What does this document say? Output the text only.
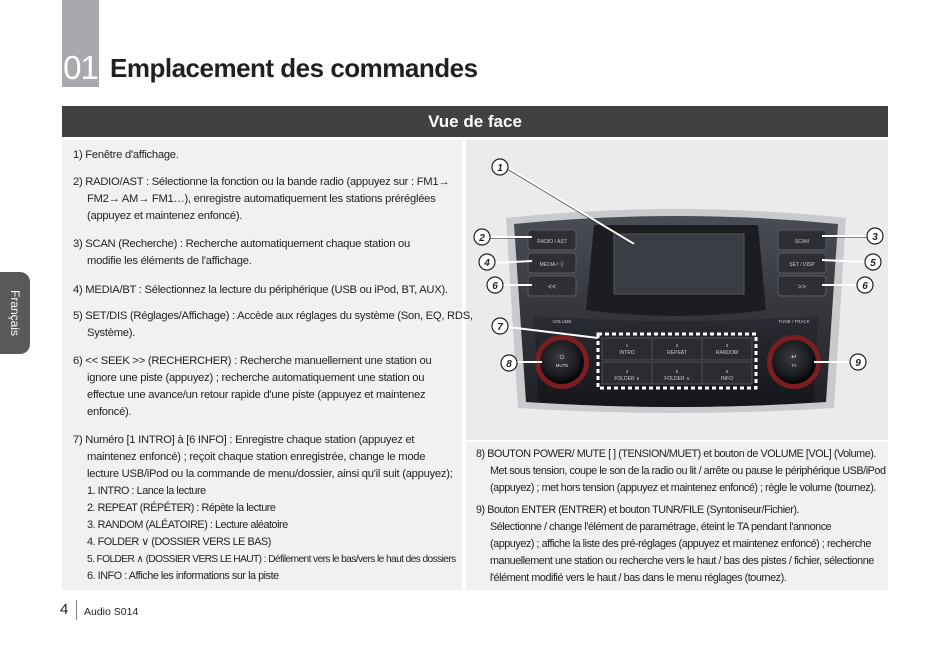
01 Emplacement des commandes
Français
Vue de face
1) Fenêtre d'affichage.
2) RADIO/AST : Sélectionne la fonction ou la bande radio (appuyez sur : FM1→
FM2→ AM→ FM1…), enregistre automatiquement les stations préréglées
(appuyez et maintenez enfoncé).
3) SCAN (Recherche) : Recherche automatiquement chaque station ou
modifie les éléments de l'affichage.
4) MEDIA/BT : Sélectionnez la lecture du périphérique (USB ou iPod, BT, AUX).
5) SET/DIS (Réglages/Affichage) : Accède aux réglages du système (Son, EQ, RDS,
Système).
6) << SEEK >> (RECHERCHER) : Recherche manuellement une station ou
ignore une piste (appuyez) ; recherche automatiquement une station ou
effectue une avance/un retour rapide d'une piste (appuyez et maintenez
enfoncé).
7) Numéro [1 INTRO] à [6 INFO] : Enregistre chaque station (appuyez et
maintenez enfoncé) ; reçoit chaque station enregistrée, change le mode
lecture USB/iPod ou la commande de menu/dossier, ainsi qu'il suit (appuyez);
1. INTRO : Lance la lecture
2. REPEAT (RÉPÉTER) : Répète la lecture
3. RANDOM (ALÉATOIRE) : Lecture aléatoire
4. FOLDER ∨ (DOSSIER VERS LE BAS)
5. FOLDER ∧ (DOSSIER VERS LE HAUT) : Défilement vers le bas/vers le haut des dossiers
6. INFO : Affiche les informations sur la piste
8) BOUTON POWER/ MUTE [ ] (TENSION/MUET) et bouton de VOLUME [VOL] (Volume).
Met sous tension, coupe le son de la radio ou lit / arrête ou pause le périphérique USB/iPod
(appuyez) ; met hors tension (appuyez et maintenez enfoncé) ; règle le volume (tournez).
9) Bouton ENTER (ENTRER) et bouton TUNR/FILE (Syntoniseur/Fichier).
Sélectionne / change l'élément de paramétrage, éteint le TA pendant l'annonce
(appuyez) ; affiche la liste des pré-réglages (appuyez et maintenez enfoncé) ; recherche
manuellement une station ou recherche vers le haut / bas des pistes / fichier, sélectionne
l'élément modifié vers le haut / bas dans le menu réglages (tournez).
RADIO / AST
MEDIA / ⓑ
<<
SCAN
SET / DISP
>>
VOLUME	TUNE / TRACK
⏻
MUTE
↵
TA
1
INTRO
2
REPEAT
3
RANDOM
4
FOLDER ∨
5
FOLDER ∧
6
INFO
1
2	3
4	5
6	6
7
8	9
4 Audio S014
